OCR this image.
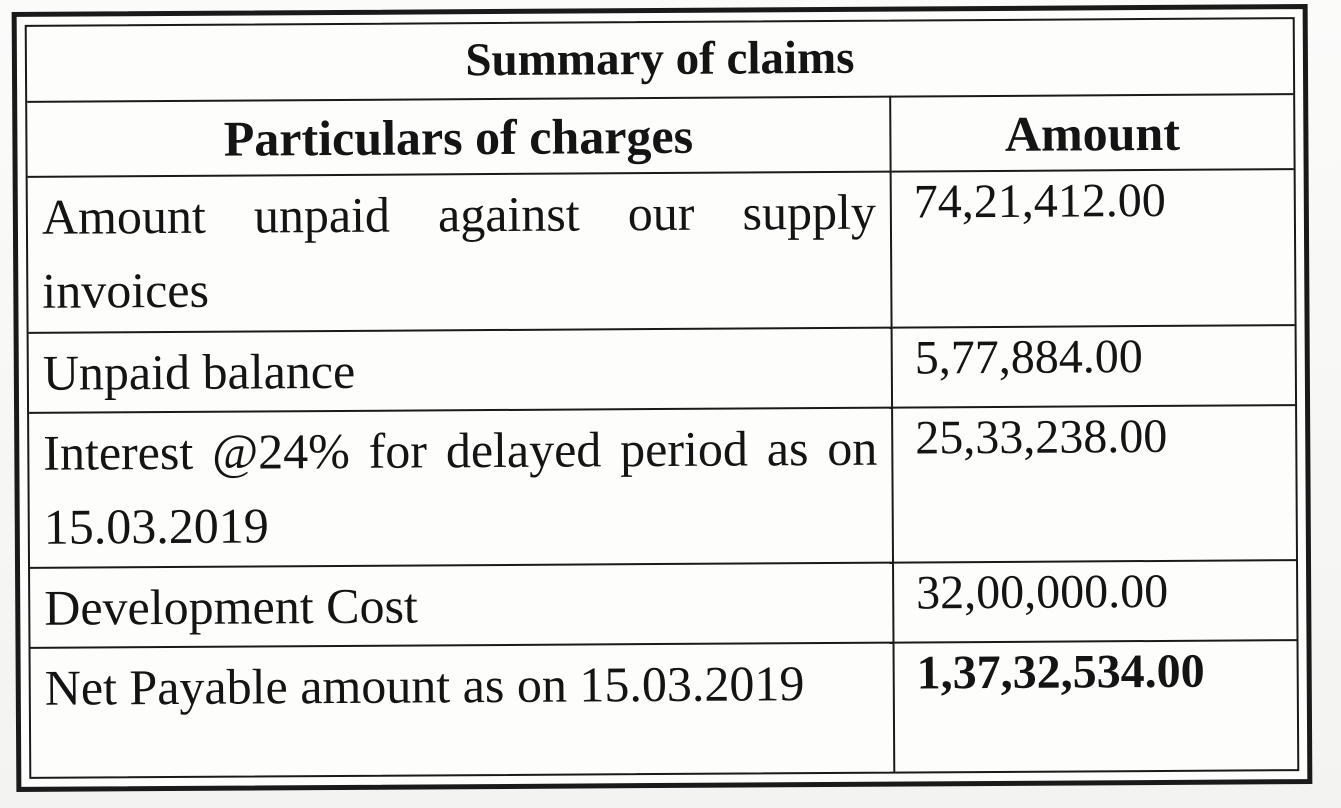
Summary of claims	
Particulars of charges	Amount
Amount unpaid against our supply invoices	74,21,412.00
Unpaid balance	5,77,884.00
Interest @24% for delayed period as on 15.03.2019	25,33,238.00
Development Cost	32,00,000.00
Net Payable amount as on 15.03.2019	1,37,32,534.00
